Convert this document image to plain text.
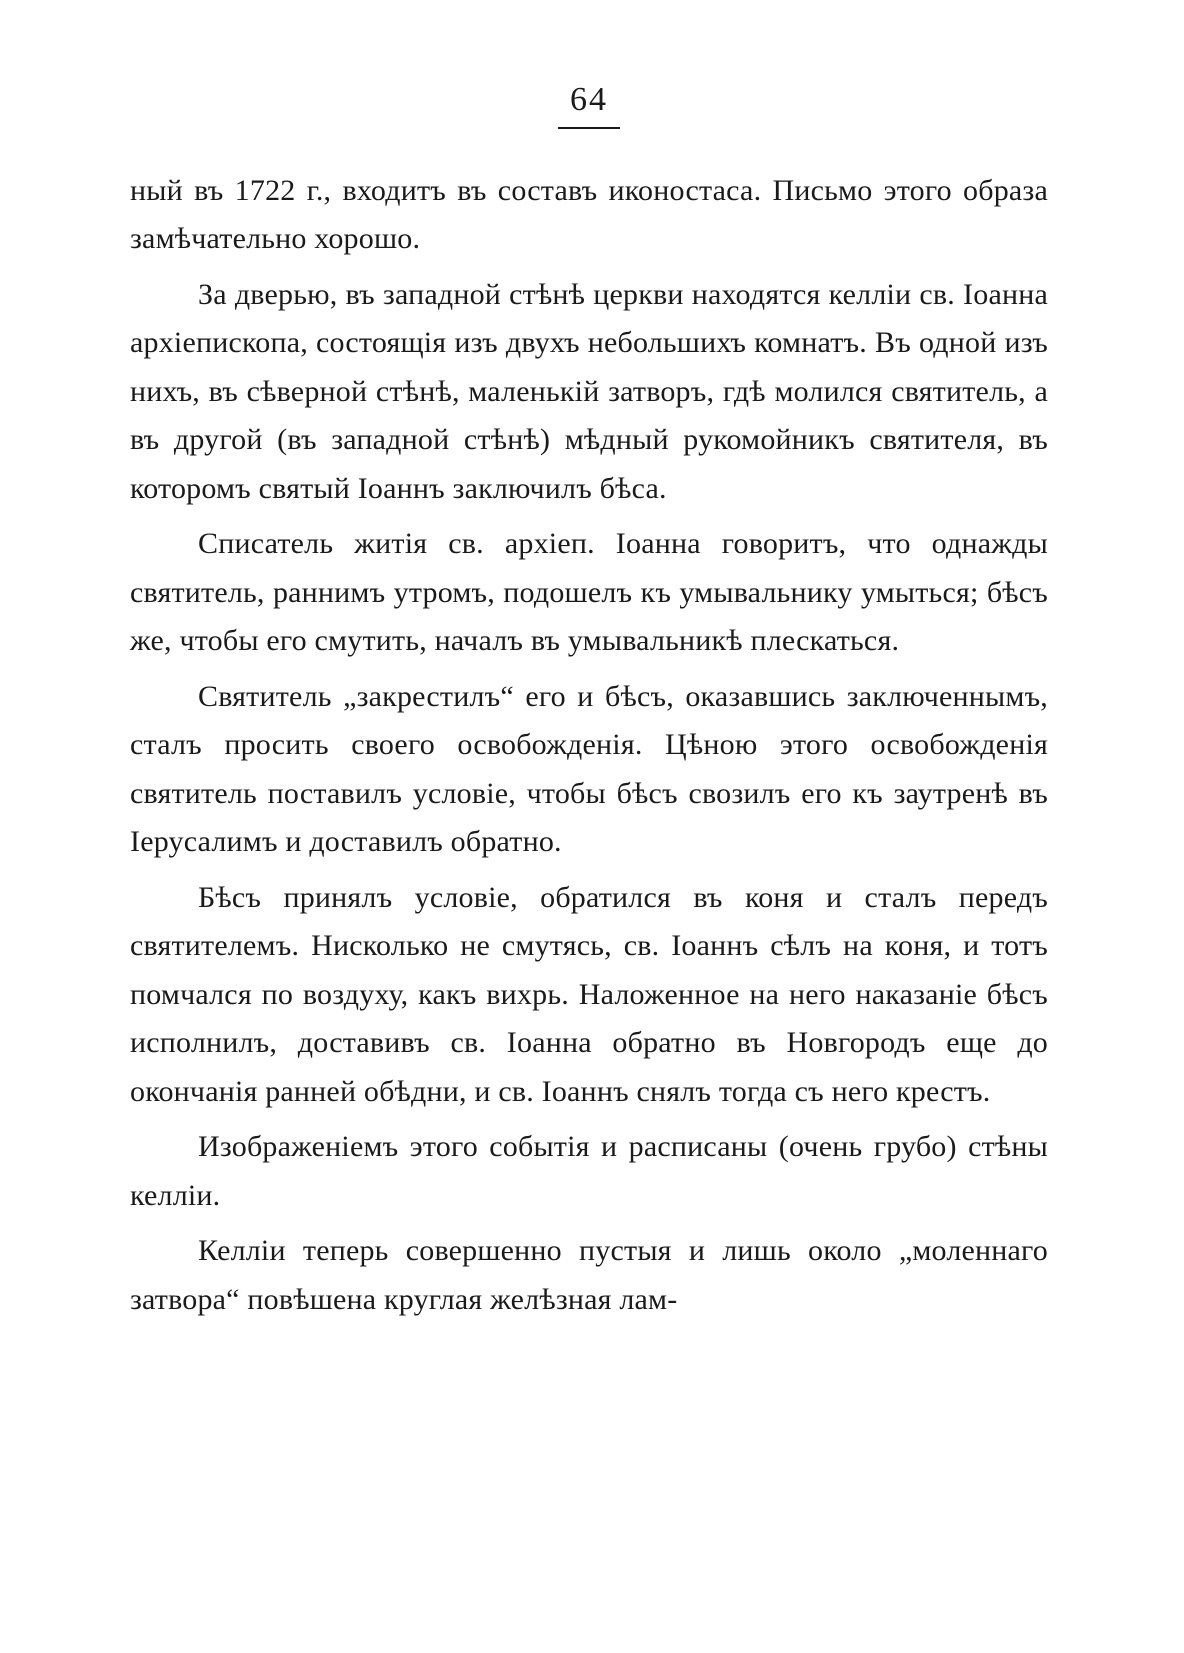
64

ный въ 1722 г., входитъ въ составъ иконостаса. Письмо этого образа замѣчательно хорошо.

За дверью, въ западной стѣнѣ церкви находятся келліи св. Іоанна архіепископа, состоящія изъ двухъ небольшихъ комнатъ. Въ одной изъ нихъ, въ сѣверной стѣнѣ, маленькій затворъ, гдѣ молился святитель, а въ другой (въ западной стѣнѣ) мѣдный рукомойникъ святителя, въ которомъ святый Іоаннъ заключилъ бѣса.

Списатель житія св. архіеп. Іоанна говоритъ, что однажды святитель, раннимъ утромъ, подошелъ къ умывальнику умыться; бѣсъ же, чтобы его смутить, началъ въ умывальникѣ плескаться.

Святитель „закрестилъ“ его и бѣсъ, оказавшись заключеннымъ, сталъ просить своего освобожденія. Цѣною этого освобожденія святитель поставилъ условіе, чтобы бѣсъ свозилъ его къ заутренѣ въ Іерусалимъ и доставилъ обратно.

Бѣсъ принялъ условіе, обратился въ коня и сталъ передъ святителемъ. Нисколько не смутясь, св. Іоаннъ сѣлъ на коня, и тотъ помчался по воздуху, какъ вихрь. Наложенное на него наказаніе бѣсъ исполнилъ, доставивъ св. Іоанна обратно въ Новгородъ еще до окончанія ранней обѣдни, и св. Іоаннъ снялъ тогда съ него крестъ.

Изображеніемъ этого событія и расписаны (очень грубо) стѣны келліи.

Келліи теперь совершенно пустыя и лишь около „моленнаго затвора“ повѣшена круглая желѣзная лам-
